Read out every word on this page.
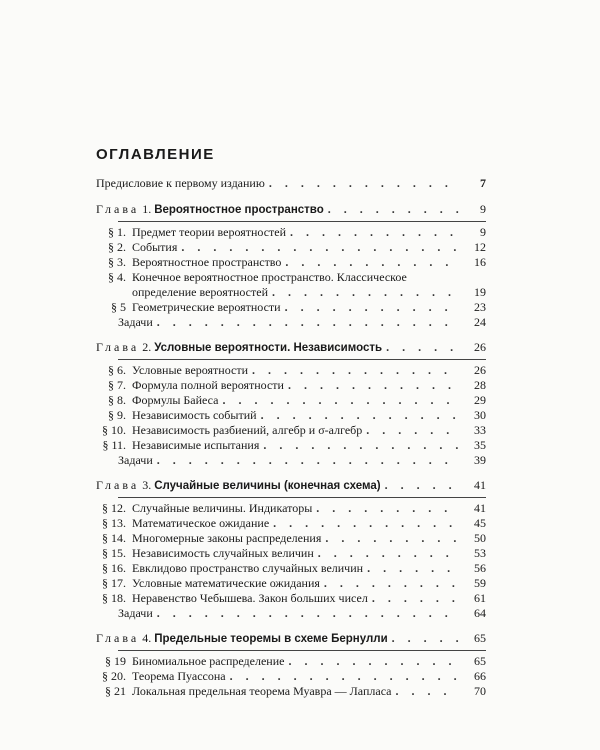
ОГЛАВЛЕНИЕ
Предисловие к первому изданию . . .	7
Глава 1. Вероятностное пространство . . .	9
§ 1. Предмет теории вероятностей . . .	9
§ 2. События . . .	12
§ 3. Вероятностное пространство . . .	16
§ 4. Конечное вероятностное пространство. Классическое
определение вероятностей . . .	19
§ 5 Геометрические вероятности . . .	23
Задачи . . .	24
Глава 2. Условные вероятности. Независимость . . .	26
§ 6. Условные вероятности . . .	26
§ 7. Формула полной вероятности . . .	28
§ 8. Формулы Байеса . . .	29
§ 9. Независимость событий . . .	30
§ 10. Независимость разбиений, алгебр и σ-алгебр . . .	33
§ 11. Независимые испытания . . .	35
Задачи . . .	39
Глава 3. Случайные величины (конечная схема) . . .	41
§ 12. Случайные величины. Индикаторы . . .	41
§ 13. Математическое ожидание . . .	45
§ 14. Многомерные законы распределения . . .	50
§ 15. Независимость случайных величин . . .	53
§ 16. Евклидово пространство случайных величин . . .	56
§ 17. Условные математические ожидания . . .	59
§ 18. Неравенство Чебышева. Закон больших чисел . . .	61
Задачи . . .	64
Глава 4. Предельные теоремы в схеме Бернулли . . .	65
§ 19 Биномиальное распределение . . .	65
§ 20. Теорема Пуассона . . .	66
§ 21 Локальная предельная теорема Муавра — Лапласа . . .	70
